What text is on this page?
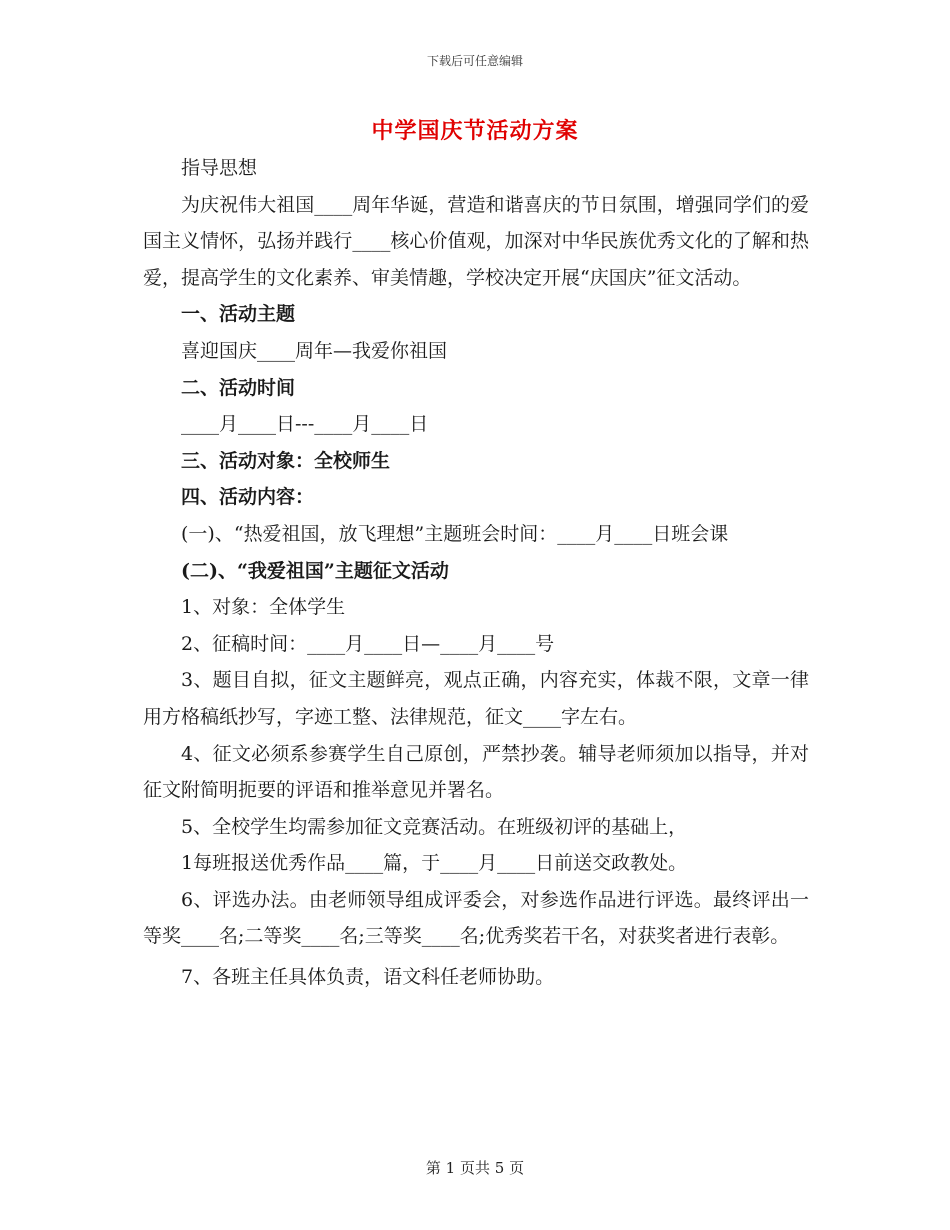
下载后可任意编辑
中学国庆节活动方案

指导思想

为庆祝伟大祖国____周年华诞，营造和谐喜庆的节日氛围，增强同学们的爱国主义情怀，弘扬并践行____核心价值观，加深对中华民族优秀文化的了解和热爱，提高学生的文化素养、审美情趣，学校决定开展“庆国庆”征文活动。

一、活动主题

喜迎国庆____周年—我爱你祖国

二、活动时间

____月____日---____月____日

三、活动对象：全校师生

四、活动内容：

(一)、“热爱祖国，放飞理想”主题班会时间：____月____日班会课

(二)、“我爱祖国”主题征文活动

1、对象：全体学生

2、征稿时间：____月____日—____月____号

3、题目自拟，征文主题鲜亮，观点正确，内容充实，体裁不限，文章一律用方格稿纸抄写，字迹工整、法律规范，征文____字左右。

4、征文必须系参赛学生自己原创，严禁抄袭。辅导老师须加以指导，并对征文附简明扼要的评语和推举意见并署名。

5、全校学生均需参加征文竞赛活动。在班级初评的基础上，

1每班报送优秀作品____篇，于____月____日前送交政教处。

6、评选办法。由老师领导组成评委会，对参选作品进行评选。最终评出一等奖____名;二等奖____名;三等奖____名;优秀奖若干名，对获奖者进行表彰。

7、各班主任具体负责，语文科任老师协助。

第 1 页共 5 页
